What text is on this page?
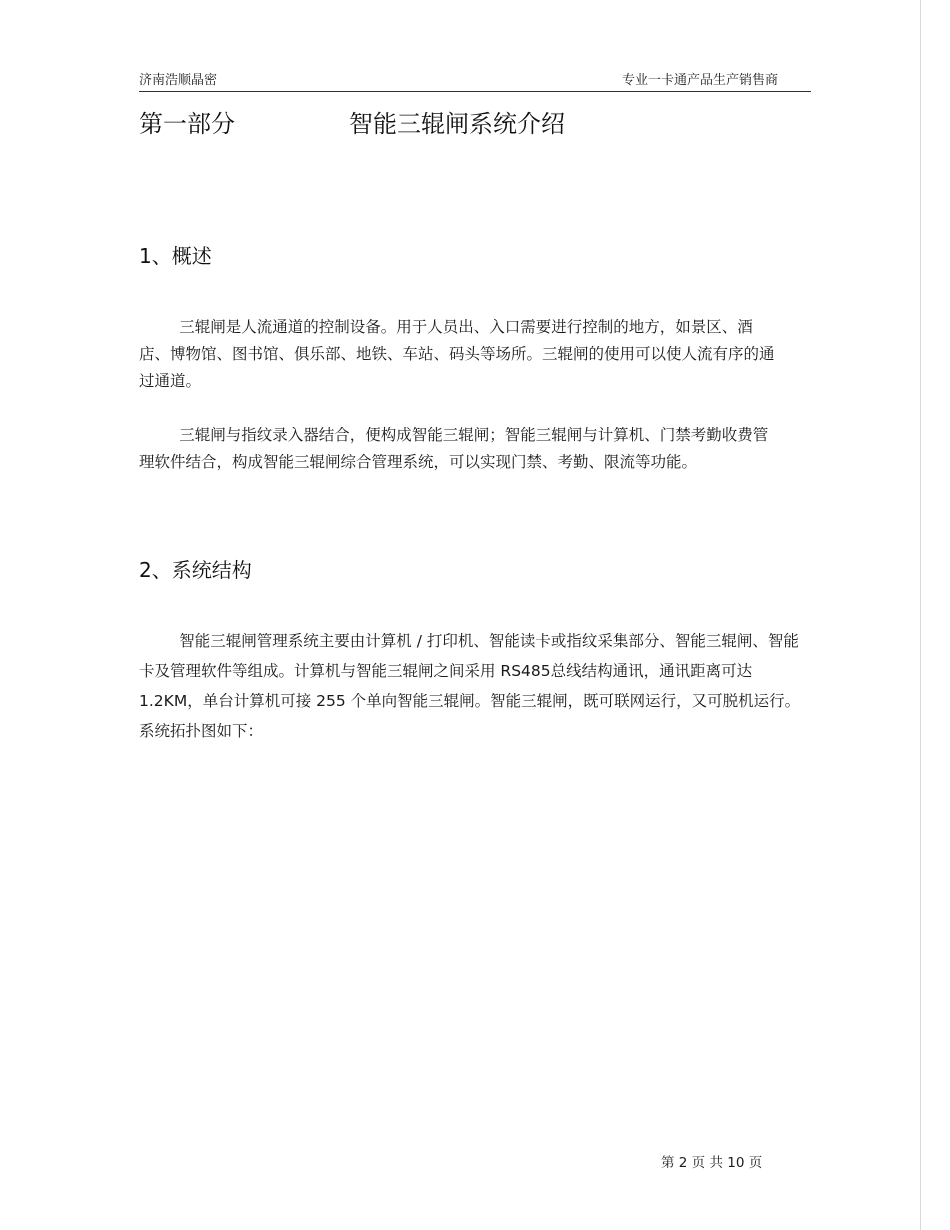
济南浩顺晶密	专业一卡通产品生产销售商
第一部分	智能三辊闸系统介绍
1、概述

三辊闸是人流通道的控制设备。用于人员出、入口需要进行控制的地方，如景区、酒店、博物馆、图书馆、俱乐部、地铁、车站、码头等场所。三辊闸的使用可以使人流有序的通过通道。

三辊闸与指纹录入器结合，便构成智能三辊闸；智能三辊闸与计算机、门禁考勤收费管理软件结合，构成智能三辊闸综合管理系统，可以实现门禁、考勤、限流等功能。

2、系统结构

智能三辊闸管理系统主要由计算机 / 打印机、智能读卡或指纹采集部分、智能三辊闸、智能卡及管理软件等组成。计算机与智能三辊闸之间采用 RS485总线结构通讯，通讯距离可达 1.2KM，单台计算机可接 255 个单向智能三辊闸。智能三辊闸，既可联网运行，又可脱机运行。系统拓扑图如下：

第 2 页 共 10 页
